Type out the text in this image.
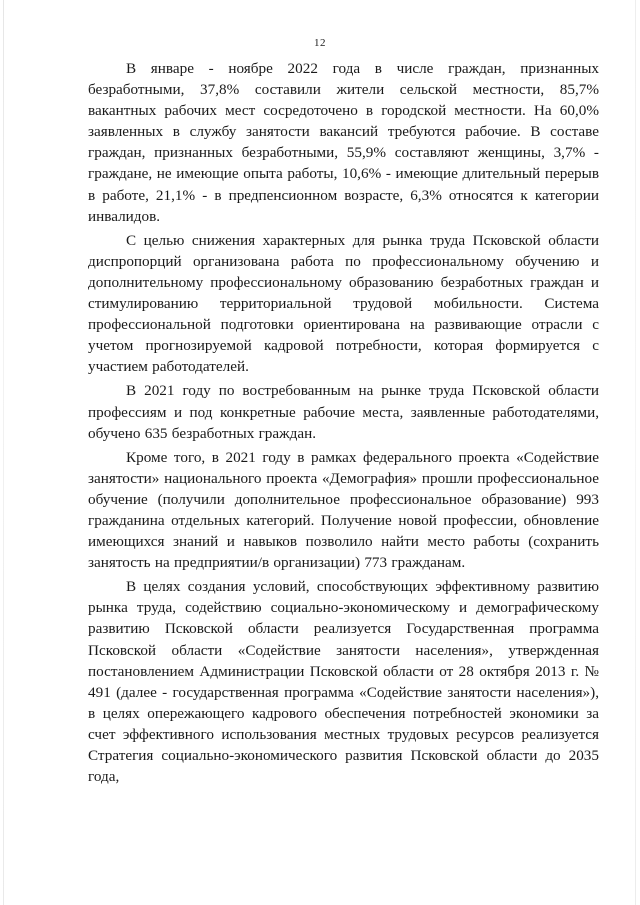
12

В январе - ноябре 2022 года в числе граждан, признанных безработными, 37,8% составили жители сельской местности, 85,7% вакантных рабочих мест сосредоточено в городской местности. На 60,0% заявленных в службу занятости вакансий требуются рабочие. В составе граждан, признанных безработными, 55,9% составляют женщины, 3,7% - граждане, не имеющие опыта работы, 10,6% - имеющие длительный перерыв в работе, 21,1% - в предпенсионном возрасте, 6,3% относятся к категории инвалидов.

С целью снижения характерных для рынка труда Псковской области диспропорций организована работа по профессиональному обучению и дополнительному профессиональному образованию безработных граждан и стимулированию территориальной трудовой мобильности. Система профессиональной подготовки ориентирована на развивающие отрасли с учетом прогнозируемой кадровой потребности, которая формируется с участием работодателей.

В 2021 году по востребованным на рынке труда Псковской области профессиям и под конкретные рабочие места, заявленные работодателями, обучено 635 безработных граждан.

Кроме того, в 2021 году в рамках федерального проекта «Содействие занятости» национального проекта «Демография» прошли профессиональное обучение (получили дополнительное профессиональное образование) 993 гражданина отдельных категорий. Получение новой профессии, обновление имеющихся знаний и навыков позволило найти место работы (сохранить занятость на предприятии/в организации) 773 гражданам.

В целях создания условий, способствующих эффективному развитию рынка труда, содействию социально-экономическому и демографическому развитию Псковской области реализуется Государственная программа Псковской области «Содействие занятости населения», утвержденная постановлением Администрации Псковской области от 28 октября 2013 г. № 491 (далее - государственная программа «Содействие занятости населения»), в целях опережающего кадрового обеспечения потребностей экономики за счет эффективного использования местных трудовых ресурсов реализуется Стратегия социально-экономического развития Псковской области до 2035 года,
